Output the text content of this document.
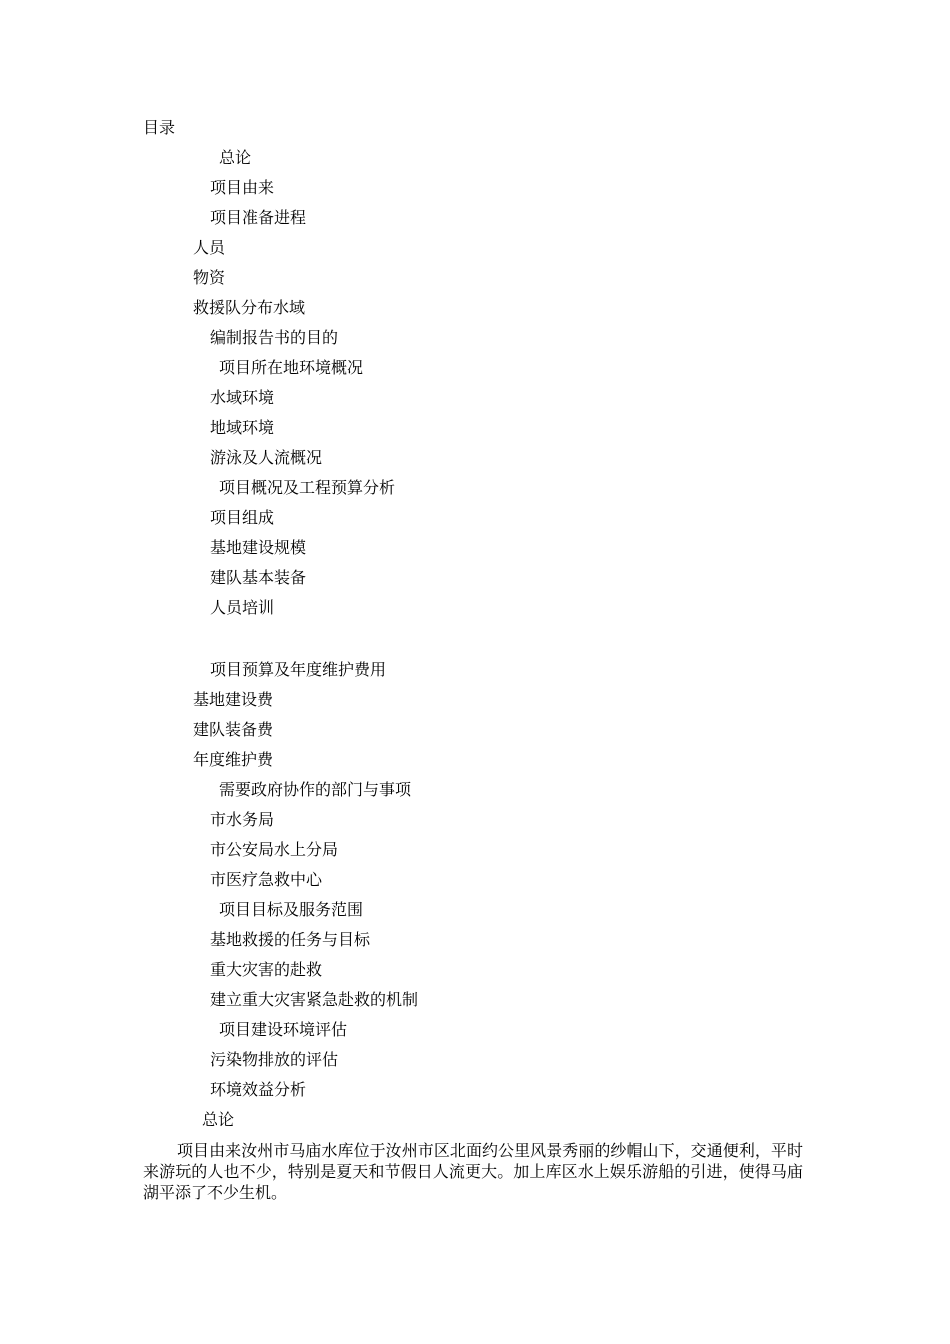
目录
总论
项目由来
项目准备进程
人员
物资
救援队分布水域
编制报告书的目的
项目所在地环境概况
水域环境
地域环境
游泳及人流概况
项目概况及工程预算分析
项目组成
基地建设规模
建队基本装备
人员培训
项目预算及年度维护费用
基地建设费
建队装备费
年度维护费
需要政府协作的部门与事项
市水务局
市公安局水上分局
市医疗急救中心
项目目标及服务范围
基地救援的任务与目标
重大灾害的赴救
建立重大灾害紧急赴救的机制
项目建设环境评估
污染物排放的评估
环境效益分析
总论

项目由来汝州市马庙水库位于汝州市区北面约公里风景秀丽的纱帽山下，交通便利，平时来游玩的人也不少，特别是夏天和节假日人流更大。加上库区水上娱乐游船的引进，使得马庙湖平添了不少生机。
